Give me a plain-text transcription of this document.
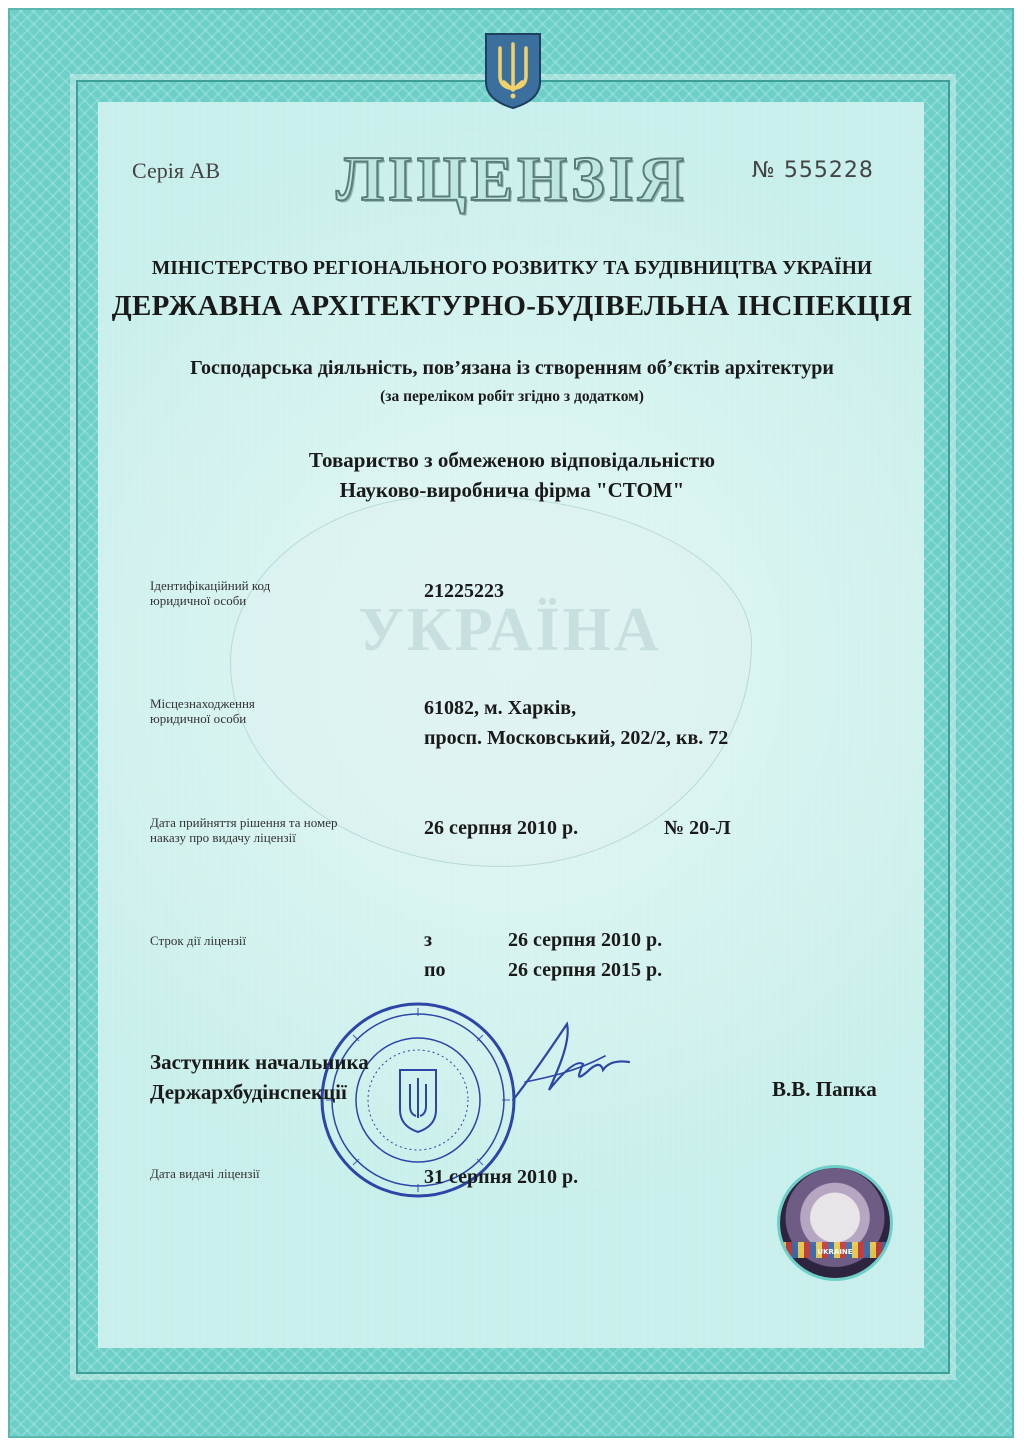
УКРАЇНА
Серія АВ	ЛІЦЕНЗІЯ	№ 555228
МІНІСТЕРСТВО РЕГІОНАЛЬНОГО РОЗВИТКУ ТА БУДІВНИЦТВА УКРАЇНИ
ДЕРЖАВНА АРХІТЕКТУРНО-БУДІВЕЛЬНА ІНСПЕКЦІЯ
Господарська діяльність, пов’язана із створенням об’єктів архітектури
(за переліком робіт згідно з додатком)
Товариство з обмеженою відповідальністю
Науково-виробнича фірма "СТОМ"
Ідентифікаційний код
юридичної особи	21225223
Місцезнаходження
юридичної особи	61082, м. Харків,
просп. Московський, 202/2, кв. 72
Дата прийняття рішення та номер
наказу про видачу ліцензії	26 серпня 2010 р.	№ 20-Л
Строк дії ліцензії	з	26 серпня 2010 р.
по	26 серпня 2015 р.
Заступник начальника
Держархбудінспекції	В.В. Папка
Дата видачі ліцензії	31 серпня 2010 р.
UKRAINE
